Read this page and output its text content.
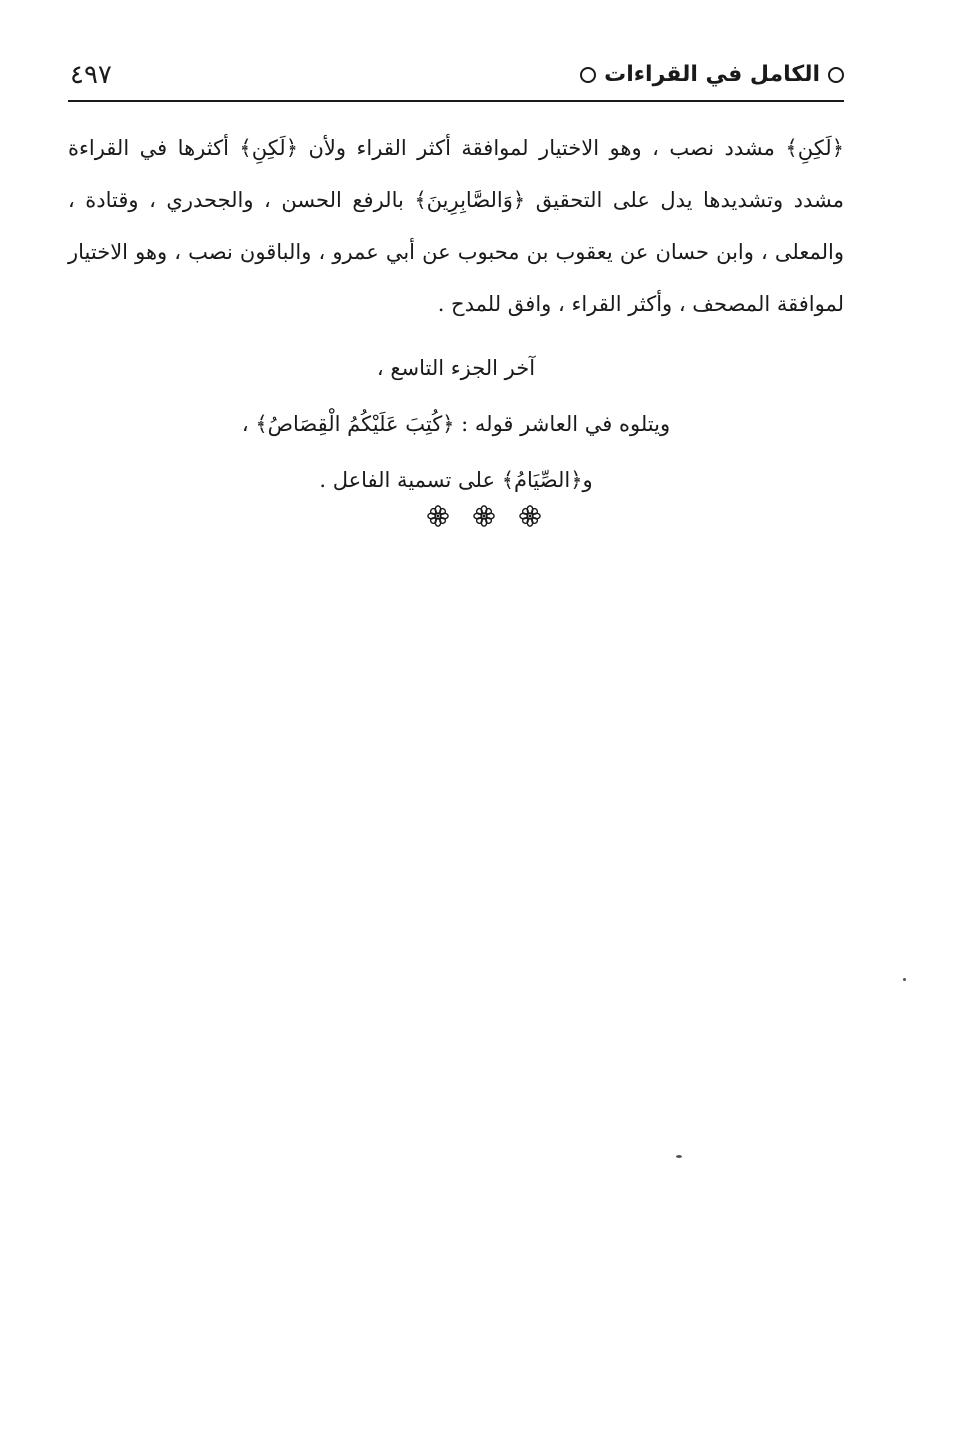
٤٩٧	الكامل في القراءات

﴿لَكِنِ﴾ مشدد نصب ، وهو الاختيار لموافقة أكثر القراء ولأن ﴿لَكِنِ﴾ أكثرها في القراءة مشدد وتشديدها يدل على التحقيق ﴿وَالصَّابِرِينَ﴾ بالرفع الحسن ، والجحدري ، وقتادة ، والمعلى ، وابن حسان عن يعقوب بن محبوب عن أبي عمرو ، والباقون نصب ، وهو الاختيار لموافقة المصحف ، وأكثر القراء ، وافق للمدح .

آخر الجزء التاسع ،
ويتلوه في العاشر قوله : ﴿كُتِبَ عَلَيْكُمُ الْقِصَاصُ﴾ ،
و﴿الصِّيَامُ﴾ على تسمية الفاعل .
